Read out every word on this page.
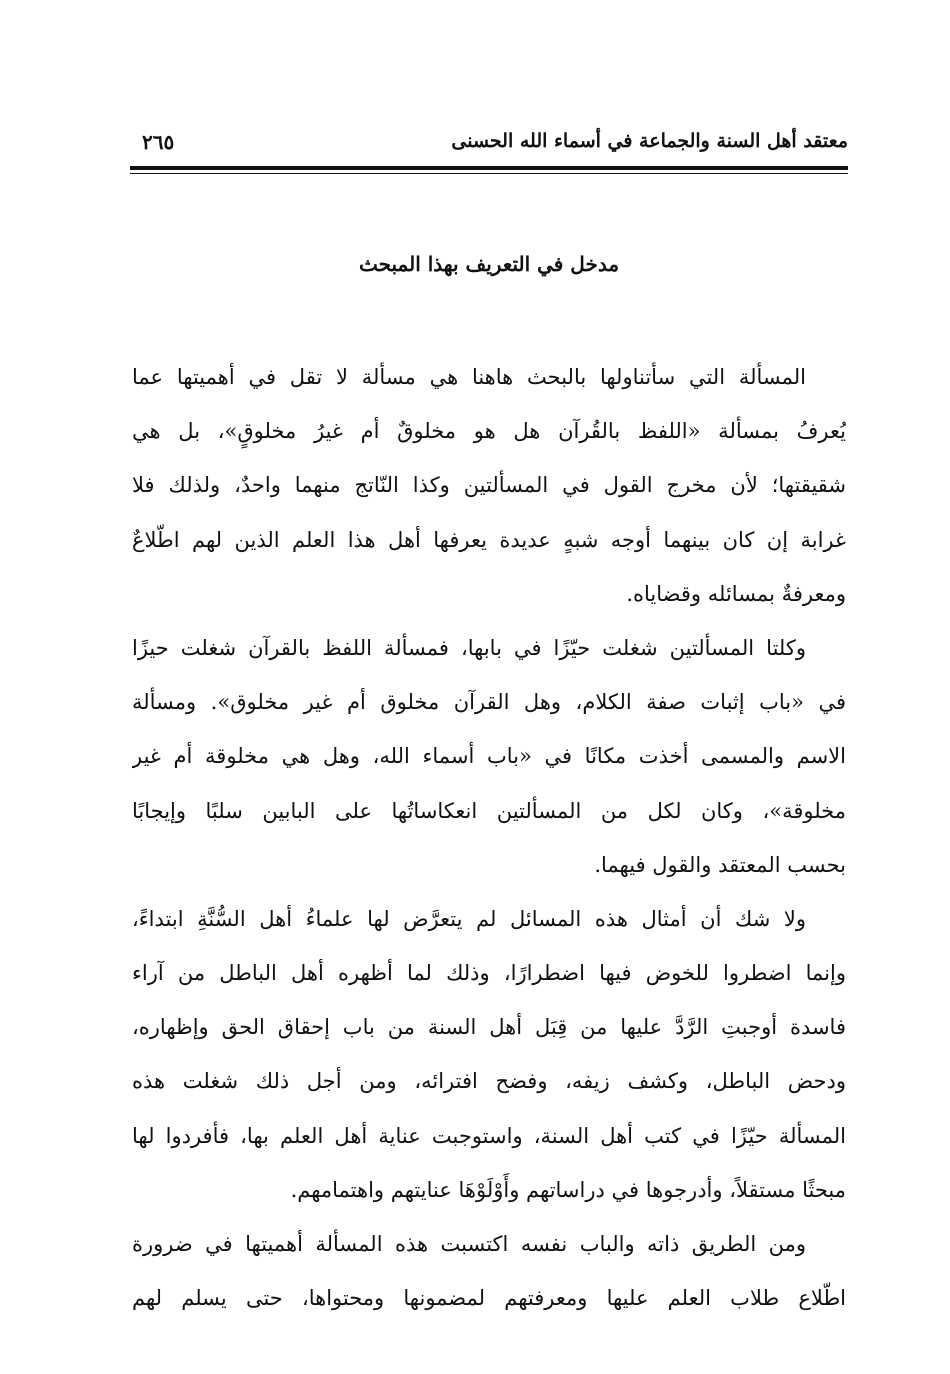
معتقد أهل السنة والجماعة في أسماء الله الحسنى
٢٦٥
مدخل في التعريف بهذا المبحث
المسألة التي سأتناولها بالبحث هاهنا هي مسألة لا تقل في أهميتها عما
يُعرفُ بمسألة «اللفظ بالقُرآن هل هو مخلوقٌ أم غيرُ مخلوقٍ»، بل هي
شقيقتها؛ لأن مخرج القول في المسألتين وكذا النّاتج منهما واحدٌ، ولذلك فلا
غرابة إن كان بينهما أوجه شبهٍ عديدة يعرفها أهل هذا العلم الذين لهم اطّلاعٌ
ومعرفةٌ بمسائله وقضاياه.
وكلتا المسألتين شغلت حيّزًا في بابها، فمسألة اللفظ بالقرآن شغلت حيزًا
في «باب إثبات صفة الكلام، وهل القرآن مخلوق أم غير مخلوق». ومسألة
الاسم والمسمى أخذت مكانًا في «باب أسماء الله، وهل هي مخلوقة أم غير
مخلوقة»، وكان لكل من المسألتين انعكاساتُها على البابين سلبًا وإيجابًا
بحسب المعتقد والقول فيهما.
ولا شك أن أمثال هذه المسائل لم يتعرَّض لها علماءُ أهل السُّنَّةِ ابتداءً،
وإنما اضطروا للخوض فيها اضطرارًا، وذلك لما أظهره أهل الباطل من آراء
فاسدة أوجبتِ الرَّدَّ عليها من قِبَل أهل السنة من باب إحقاق الحق وإظهاره،
ودحض الباطل، وكشف زيفه، وفضح افترائه، ومن أجل ذلك شغلت هذه
المسألة حيّزًا في كتب أهل السنة، واستوجبت عناية أهل العلم بها، فأفردوا لها
مبحثًا مستقلاً، وأدرجوها في دراساتهم وأَوْلَوْهَا عنايتهم واهتمامهم.
ومن الطريق ذاته والباب نفسه اكتسبت هذه المسألة أهميتها في ضرورة
اطّلاع طلاب العلم عليها ومعرفتهم لمضمونها ومحتواها، حتى يسلم لهم
